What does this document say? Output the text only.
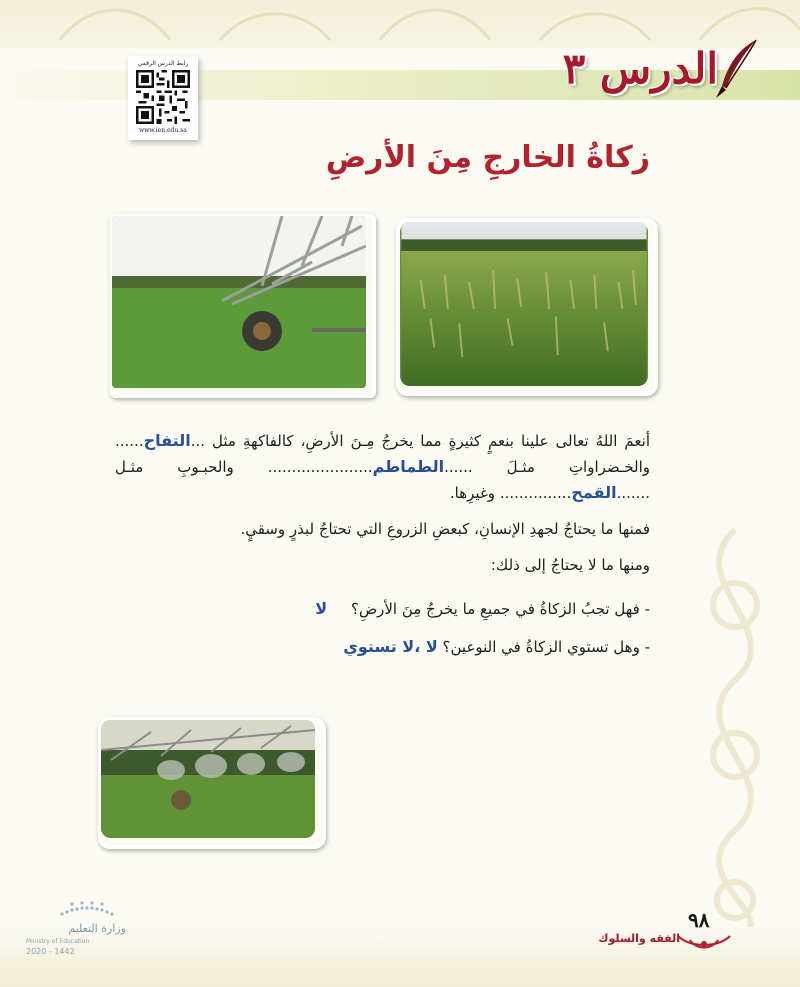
رابط الدرس الرقمي
www.ien.edu.sa
الدرس ٣
زكاةُ الخارجِ مِنَ الأرضِ

أنعمَ اللهُ تعالى علينا بنعمٍ كثيرةٍ مما يخرجُ مِـنَ الأرضِ، كالفاكهةِ مثل ...التفاح...... والخـضراواتِ مثـلَ ......الطماطم...................... والحبـوبِ مثـل .......القمح............... وغيرِها.

فمنها ما يحتاجُ لجهدِ الإنسانِ، كبعضِ الزروعِ التي تحتاجُ لبذرٍ وسقيٍ.

ومنها ما لا يحتاجُ إلى ذلك:

- فهل تجبُ الزكاةُ في جميعِ ما يخرجُ مِنَ الأرضِ؟     لا

- وهل تستوي الزكاةُ في النوعين؟ لا ،لا تستوي

٩٨
الفقه والسلوك
وزارة التعليم
Ministry of Education
2020 - 1442
